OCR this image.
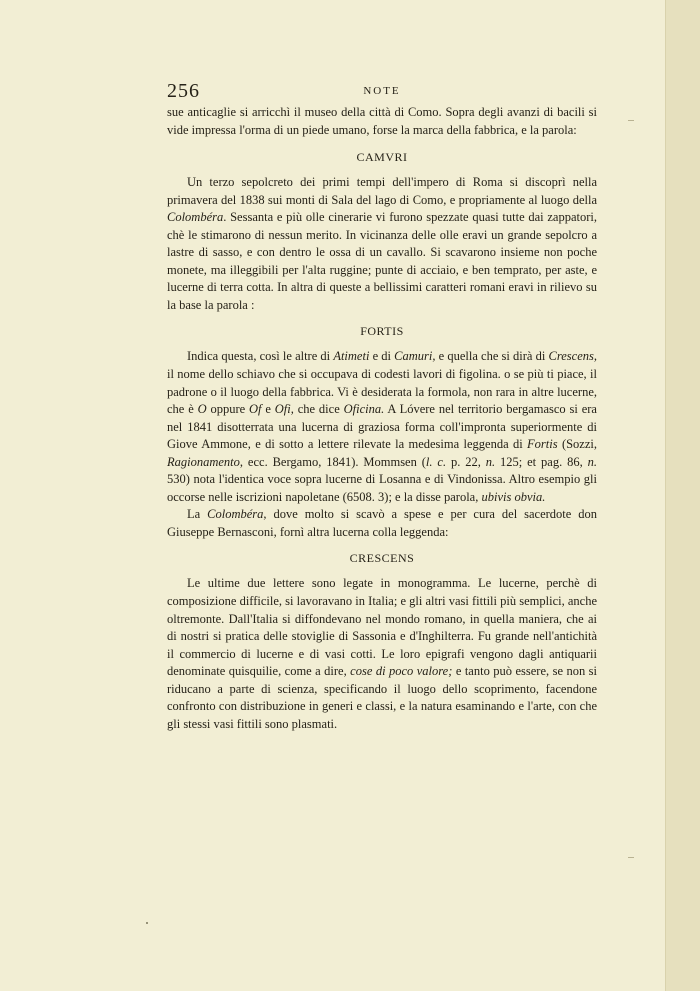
256	NOTE

sue anticaglie si arricchì il museo della città di Como. Sopra degli avanzi di bacili si vide impressa l'orma di un piede umano, forse la marca della fabbrica, e la parola:

CAMVRI

Un terzo sepolcreto dei primi tempi dell'impero di Roma si discoprì nella primavera del 1838 sui monti di Sala del lago di Como, e propriamente al luogo della Colombéra. Sessanta e più olle cinerarie vi furono spezzate quasi tutte dai zappatori, chè le stimarono di nessun merito. In vicinanza delle olle eravi un grande sepolcro a lastre di sasso, e con dentro le ossa di un cavallo. Si scavarono insieme non poche monete, ma illeggibili per l'alta ruggine; punte di acciaio, e ben temprato, per aste, e lucerne di terra cotta. In altra di queste a bellissimi caratteri romani eravi in rilievo su la base la parola :

FORTIS

Indica questa, così le altre di Atimeti e di Camuri, e quella che si dirà di Crescens, il nome dello schiavo che si occupava di codesti lavori di figolina. o se più ti piace, il padrone o il luogo della fabbrica. Vi è desiderata la formola, non rara in altre lucerne, che è O oppure Of e Ofi, che dice Oficina. A Lóvere nel territorio bergamasco si era nel 1841 disotterrata una lucerna di graziosa forma coll'impronta superiormente di Giove Ammone, e di sotto a lettere rilevate la medesima leggenda di Fortis (Sozzi, Ragionamento, ecc. Bergamo, 1841). Mommsen (l. c. p. 22, n. 125; et pag. 86, n. 530) nota l'identica voce sopra lucerne di Losanna e di Vindonissa. Altro esempio gli occorse nelle iscrizioni napoletane (6508. 3); e la disse parola, ubivis obvia.

La Colombéra, dove molto si scavò a spese e per cura del sacerdote don Giuseppe Bernasconi, fornì altra lucerna colla leggenda:

CRESCENS

Le ultime due lettere sono legate in monogramma. Le lucerne, perchè di composizione difficile, si lavoravano in Italia; e gli altri vasi fittili più semplici, anche oltremonte. Dall'Italia si diffondevano nel mondo romano, in quella maniera, che ai di nostri si pratica delle stoviglie di Sassonia e d'Inghilterra. Fu grande nell'antichità il commercio di lucerne e di vasi cotti. Le loro epigrafi vengono dagli antiquarii denominate quisquilie, come a dire, cose di poco valore; e tanto può essere, se non si riducano a parte di scienza, specificando il luogo dello scoprimento, facendone confronto con distribuzione in generi e classi, e la natura esaminando e l'arte, con che gli stessi vasi fittili sono plasmati.
